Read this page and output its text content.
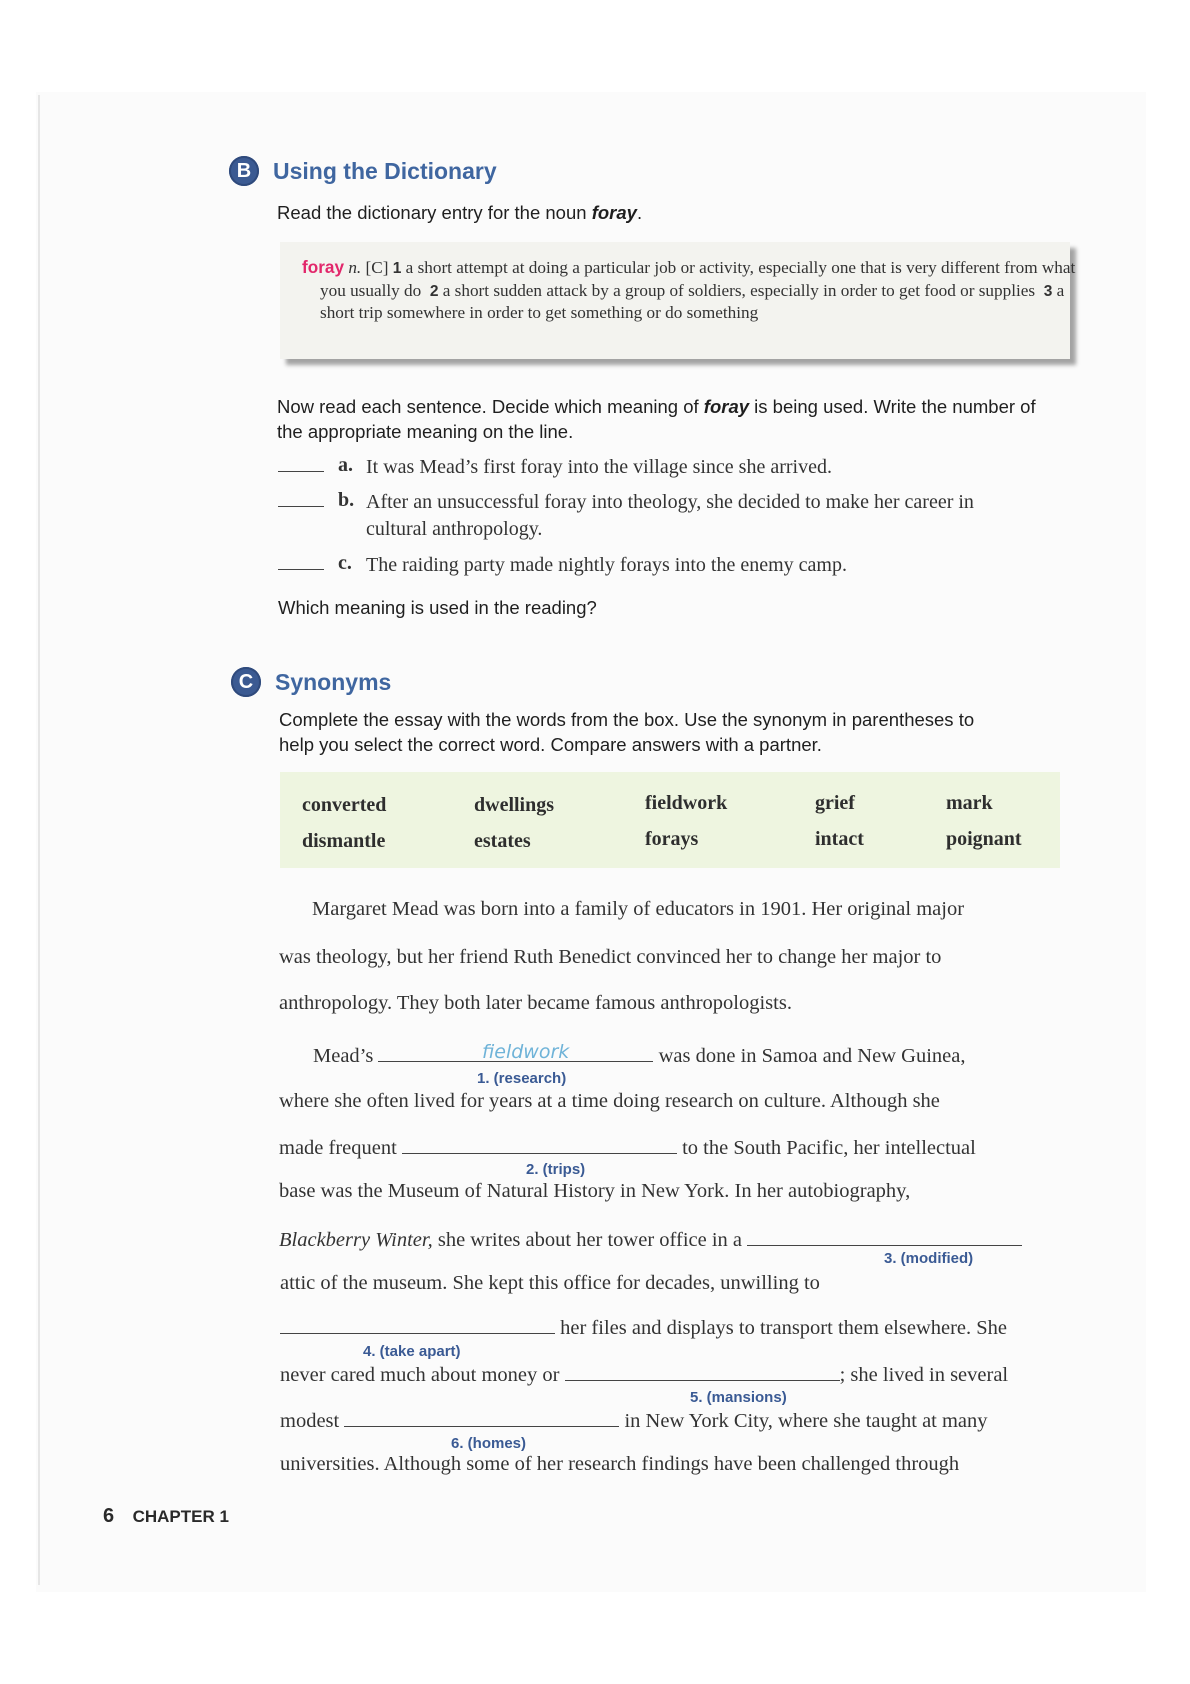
B Using the Dictionary
Read the dictionary entry for the noun foray.
foray n. [C] 1 a short attempt at doing a particular job or activity, especially one that is very different from what you usually do 2 a short sudden attack by a group of soldiers, especially in order to get food or supplies 3 a short trip somewhere in order to get something or do something
Now read each sentence. Decide which meaning of foray is being used. Write the number of the appropriate meaning on the line.
a. It was Mead’s first foray into the village since she arrived.
b. After an unsuccessful foray into theology, she decided to make her career in
cultural anthropology.
c. The raiding party made nightly forays into the enemy camp.
Which meaning is used in the reading?
C Synonyms
Complete the essay with the words from the box. Use the synonym in parentheses to
help you select the correct word. Compare answers with a partner.
converted	dwellings	fieldwork	grief	mark
dismantle	estates	forays	intact	poignant
Margaret Mead was born into a family of educators in 1901. Her original major
was theology, but her friend Ruth Benedict convinced her to change her major to
anthropology. They both later became famous anthropologists.
Mead’s	was done in Samoa and New Guinea,
fieldwork
1. (research)
where she often lived for years at a time doing research on culture. Although she
made frequent	to the South Pacific, her intellectual
2. (trips)
base was the Museum of Natural History in New York. In her autobiography,
Blackberry Winter, she writes about her tower office in a
3. (modified)
attic of the museum. She kept this office for decades, unwilling to
her files and displays to transport them elsewhere. She
4. (take apart)
never cared much about money or	; she lived in several
5. (mansions)
modest	in New York City, where she taught at many
6. (homes)
universities. Although some of her research findings have been challenged through
6 CHAPTER 1
